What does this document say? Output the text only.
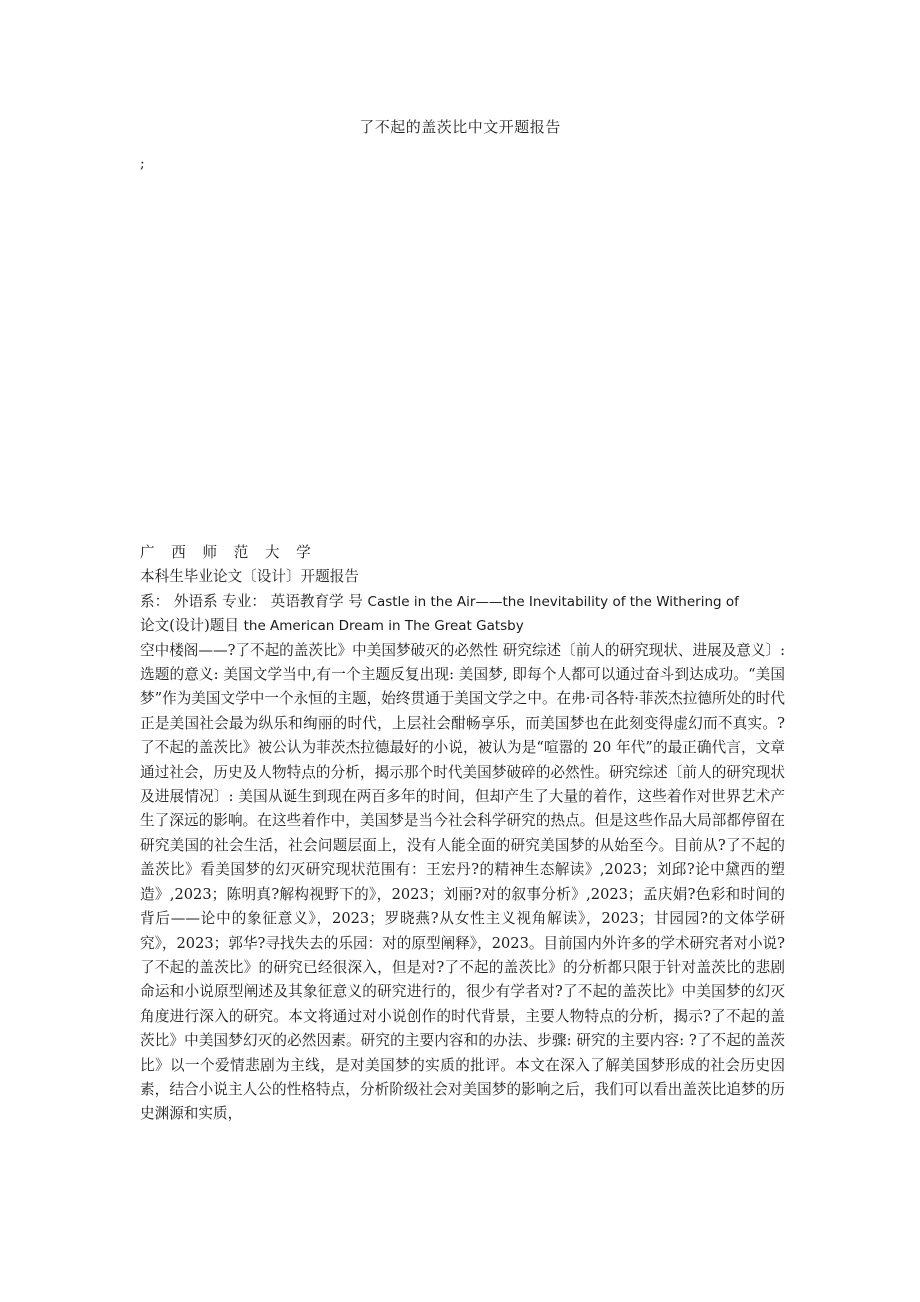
了不起的盖茨比中文开题报告
;

广 西 师 范 大 学

本科生毕业论文〔设计〕开题报告

系： 外语系 专业： 英语教育学 号 Castle in the Air——the Inevitability of the Withering of

论文(设计)题目 the American Dream in The Great Gatsby

空中楼阁——?了不起的盖茨比》中美国梦破灭的必然性 研究综述〔前人的研究现状、进展及意义〕: 选题的意义: 美国文学当中,有一个主题反复出现: 美国梦, 即每个人都可以通过奋斗到达成功。“美国梦”作为美国文学中一个永恒的主题，始终贯通于美国文学之中。在弗·司各特·菲茨杰拉德所处的时代正是美国社会最为纵乐和绚丽的时代，上层社会酣畅享乐，而美国梦也在此刻变得虚幻而不真实。?了不起的盖茨比》被公认为菲茨杰拉德最好的小说，被认为是“喧嚣的 20 年代”的最正确代言，文章通过社会，历史及人物特点的分析，揭示那个时代美国梦破碎的必然性。研究综述〔前人的研究现状及进展情况〕: 美国从诞生到现在两百多年的时间，但却产生了大量的着作，这些着作对世界艺术产生了深远的影响。在这些着作中，美国梦是当今社会科学研究的热点。但是这些作品大局部都停留在研究美国的社会生活，社会问题层面上，没有人能全面的研究美国梦的从始至今。目前从?了不起的盖茨比》看美国梦的幻灭研究现状范围有：王宏丹?的精神生态解读》,2023；刘邱?论中黛西的塑造》,2023；陈明真?解构视野下的》，2023；刘丽?对的叙事分析》,2023；孟庆娟?色彩和时间的背后——论中的象征意义》，2023；罗晓燕?从女性主义视角解读》，2023；甘园园?的文体学研究》，2023；郭华?寻找失去的乐园：对的原型阐释》，2023。目前国内外许多的学术研究者对小说?了不起的盖茨比》的研究已经很深入，但是对?了不起的盖茨比》的分析都只限于针对盖茨比的悲剧命运和小说原型阐述及其象征意义的研究进行的，很少有学者对?了不起的盖茨比》中美国梦的幻灭角度进行深入的研究。本文将通过对小说创作的时代背景，主要人物特点的分析，揭示?了不起的盖茨比》中美国梦幻灭的必然因素。研究的主要内容和的办法、步骤: 研究的主要内容: ?了不起的盖茨比》以一个爱情悲剧为主线，是对美国梦的实质的批评。本文在深入了解美国梦形成的社会历史因素，结合小说主人公的性格特点，分析阶级社会对美国梦的影响之后，我们可以看出盖茨比追梦的历史渊源和实质，
